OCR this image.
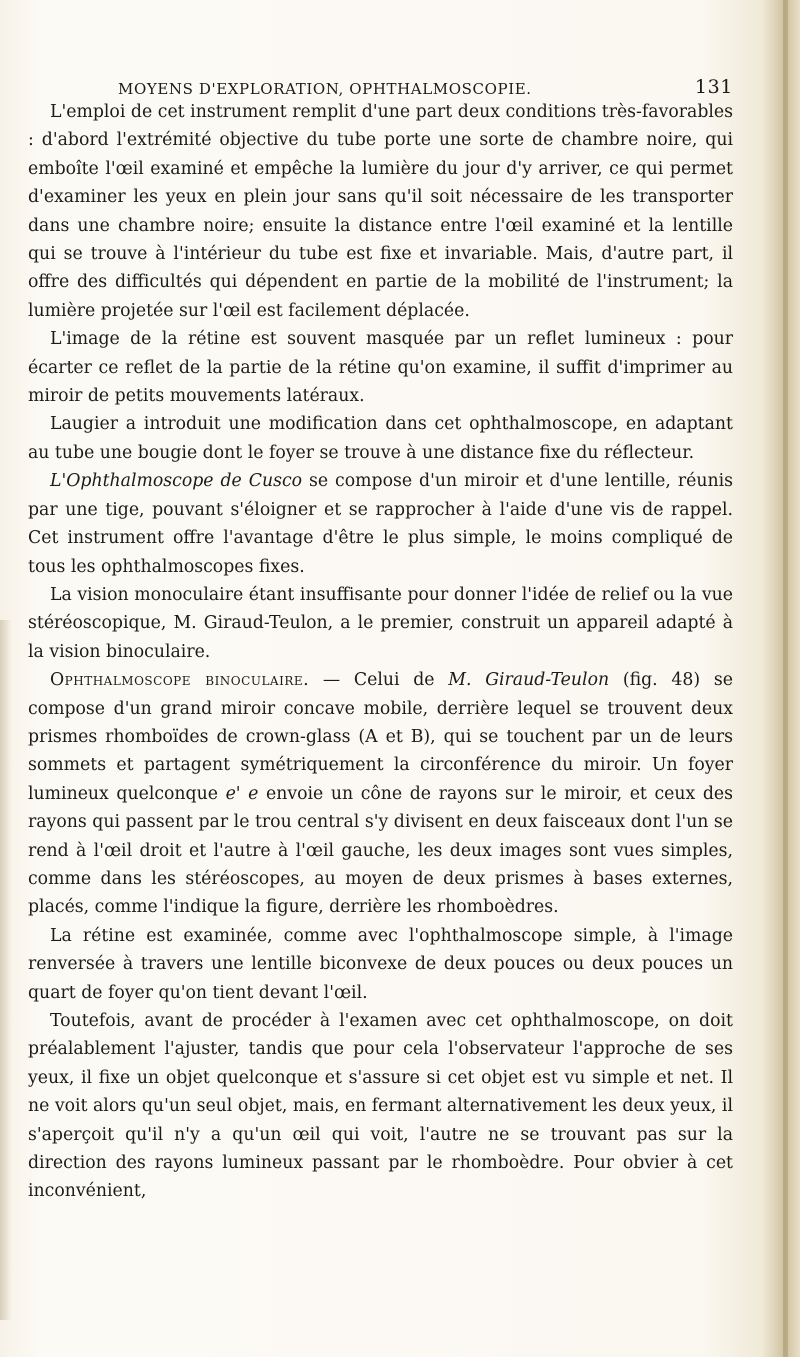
MOYENS D'EXPLORATION, OPHTHALMOSCOPIE.	131

L'emploi de cet instrument remplit d'une part deux conditions très-favorables : d'abord l'extrémité objective du tube porte une sorte de chambre noire, qui emboîte l'œil examiné et empêche la lumière du jour d'y arriver, ce qui permet d'examiner les yeux en plein jour sans qu'il soit nécessaire de les transporter dans une chambre noire; ensuite la distance entre l'œil examiné et la lentille qui se trouve à l'intérieur du tube est fixe et invariable. Mais, d'autre part, il offre des difficultés qui dépendent en partie de la mobilité de l'instrument; la lumière projetée sur l'œil est facilement déplacée.

L'image de la rétine est souvent masquée par un reflet lumineux : pour écarter ce reflet de la partie de la rétine qu'on examine, il suffit d'imprimer au miroir de petits mouvements latéraux.

Laugier a introduit une modification dans cet ophthalmoscope, en adaptant au tube une bougie dont le foyer se trouve à une distance fixe du réflecteur.

L'Ophthalmoscope de Cusco se compose d'un miroir et d'une lentille, réunis par une tige, pouvant s'éloigner et se rapprocher à l'aide d'une vis de rappel. Cet instrument offre l'avantage d'être le plus simple, le moins compliqué de tous les ophthalmoscopes fixes.

La vision monoculaire étant insuffisante pour donner l'idée de relief ou la vue stéréoscopique, M. Giraud-Teulon, a le premier, construit un appareil adapté à la vision binoculaire.

Ophthalmoscope binoculaire. — Celui de M. Giraud-Teulon (fig. 48) se compose d'un grand miroir concave mobile, derrière lequel se trouvent deux prismes rhomboïdes de crown-glass (A et B), qui se touchent par un de leurs sommets et partagent symétriquement la circonférence du miroir. Un foyer lumineux quelconque e' e envoie un cône de rayons sur le miroir, et ceux des rayons qui passent par le trou central s'y divisent en deux faisceaux dont l'un se rend à l'œil droit et l'autre à l'œil gauche, les deux images sont vues simples, comme dans les stéréoscopes, au moyen de deux prismes à bases externes, placés, comme l'indique la figure, derrière les rhomboèdres.

La rétine est examinée, comme avec l'ophthalmoscope simple, à l'image renversée à travers une lentille biconvexe de deux pouces ou deux pouces un quart de foyer qu'on tient devant l'œil.

Toutefois, avant de procéder à l'examen avec cet ophthalmoscope, on doit préalablement l'ajuster, tandis que pour cela l'observateur l'approche de ses yeux, il fixe un objet quelconque et s'assure si cet objet est vu simple et net. Il ne voit alors qu'un seul objet, mais, en fermant alternativement les deux yeux, il s'aperçoit qu'il n'y a qu'un œil qui voit, l'autre ne se trouvant pas sur la direction des rayons lumineux passant par le rhomboèdre. Pour obvier à cet inconvénient,
